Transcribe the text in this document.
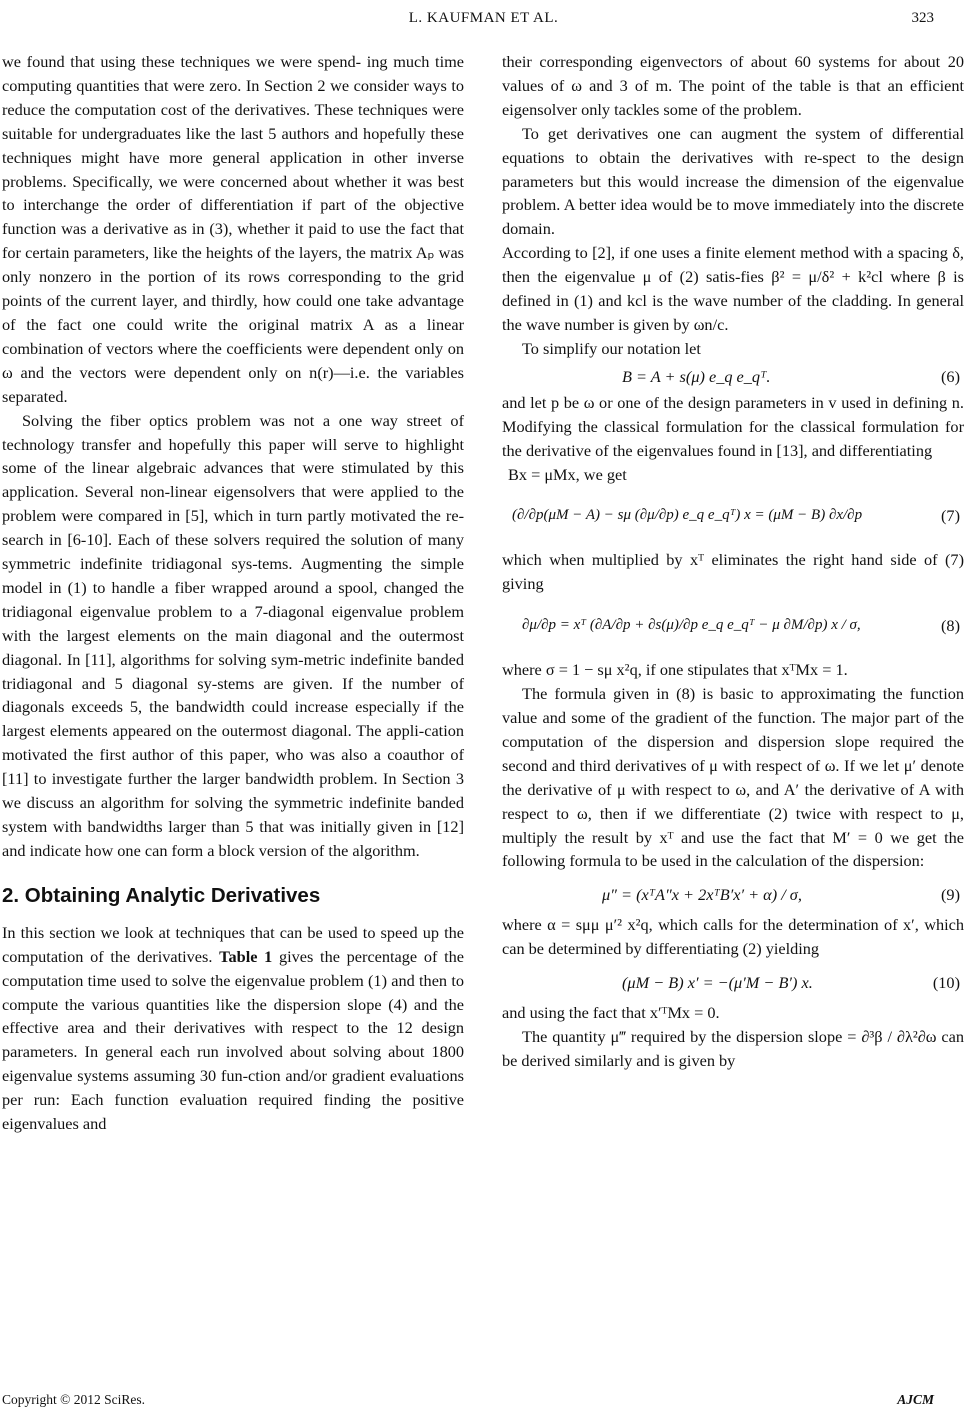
L. KAUFMAN ET AL.	323

we found that using these techniques we were spend- ing much time computing quantities that were zero. In Section 2 we consider ways to reduce the computation cost of the derivatives. These techniques were suitable for undergraduates like the last 5 authors and hopefully these techniques might have more general application in other inverse problems. Specifically, we were concerned about whether it was best to interchange the order of differentiation if part of the objective function was a derivative as in (3), whether it paid to use the fact that for certain parameters, like the heights of the layers, the matrix Aₚ was only nonzero in the portion of its rows corresponding to the grid points of the current layer, and thirdly, how could one take advantage of the fact one could write the original matrix A as a linear combination of vectors where the coefficients were dependent only on ω and the vectors were dependent only on n(r)—i.e. the variables separated.

Solving the fiber optics problem was not a one way street of technology transfer and hopefully this paper will serve to highlight some of the linear algebraic advances that were stimulated by this application. Several non-linear eigensolvers that were applied to the problem were compared in [5], which in turn partly motivated the re-search in [6-10]. Each of these solvers required the solution of many symmetric indefinite tridiagonal sys-tems. Augmenting the simple model in (1) to handle a fiber wrapped around a spool, changed the tridiagonal eigenvalue problem to a 7-diagonal eigenvalue problem with the largest elements on the main diagonal and the outermost diagonal. In [11], algorithms for solving sym-metric indefinite banded tridiagonal and 5 diagonal sy-stems are given. If the number of diagonals exceeds 5, the bandwidth could increase especially if the largest elements appeared on the outermost diagonal. The appli-cation motivated the first author of this paper, who was also a coauthor of [11] to investigate further the larger bandwidth problem. In Section 3 we discuss an algorithm for solving the symmetric indefinite banded system with bandwidths larger than 5 that was initially given in [12] and indicate how one can form a block version of the algorithm.

2. Obtaining Analytic Derivatives

In this section we look at techniques that can be used to speed up the computation of the derivatives. Table 1 gives the percentage of the computation time used to solve the eigenvalue problem (1) and then to compute the various quantities like the dispersion slope (4) and the effective area and their derivatives with respect to the 12 design parameters. In general each run involved about solving about 1800 eigenvalue systems assuming 30 fun-ction and/or gradient evaluations per run: Each function evaluation required finding the positive eigenvalues and

their corresponding eigenvectors of about 60 systems for about 20 values of ω and 3 of m. The point of the table is that an efficient eigensolver only tackles some of the problem.

To get derivatives one can augment the system of differential equations to obtain the derivatives with re-spect to the design parameters but this would increase the dimension of the eigenvalue problem. A better idea would be to move immediately into the discrete domain.

According to [2], if one uses a finite element method with a spacing δ, then the eigenvalue μ of (2) satis-fies β² = μ/δ² + k²cl where β is defined in (1) and kcl is the wave number of the cladding. In general the wave number is given by ωn/c.

To simplify our notation let

B = A + s(μ) e_q e_qᵀ.	(6)

and let p be ω or one of the design parameters in v used in defining n. Modifying the classical formulation for the classical formulation for the derivative of the eigenvalues found in [13], and differentiating

Bx = μMx, we get

(∂/∂p(μM − A) − sμ (∂μ/∂p) e_q e_qᵀ) x = (μM − B) ∂x/∂p	(7)

which when multiplied by xᵀ eliminates the right hand side of (7) giving

∂μ/∂p = xᵀ (∂A/∂p + ∂s(μ)/∂p e_q e_qᵀ − μ ∂M/∂p) x / σ,	(8)

where σ = 1 − sμ x²q, if one stipulates that xᵀMx = 1.

The formula given in (8) is basic to approximating the function value and some of the gradient of the function. The major part of the computation of the dispersion and dispersion slope required the second and third derivatives of μ with respect of ω. If we let μ′ denote the derivative of μ with respect to ω, and A′ the derivative of A with respect to ω, then if we differentiate (2) twice with respect to μ, multiply the result by xᵀ and use the fact that M′ = 0 we get the following formula to be used in the calculation of the dispersion:

μ″ = (xᵀA″x + 2xᵀB′x′ + α) / σ,	(9)

where α = sμμ μ′² x²q, which calls for the determination of x′, which can be determined by differentiating (2) yielding

(μM − B) x′ = −(μ′M − B′) x.	(10)

and using the fact that x′ᵀMx = 0.

The quantity μ‴ required by the dispersion slope = ∂³β / ∂λ²∂ω can be derived similarly and is given by

Copyright © 2012 SciRes.	AJCM
